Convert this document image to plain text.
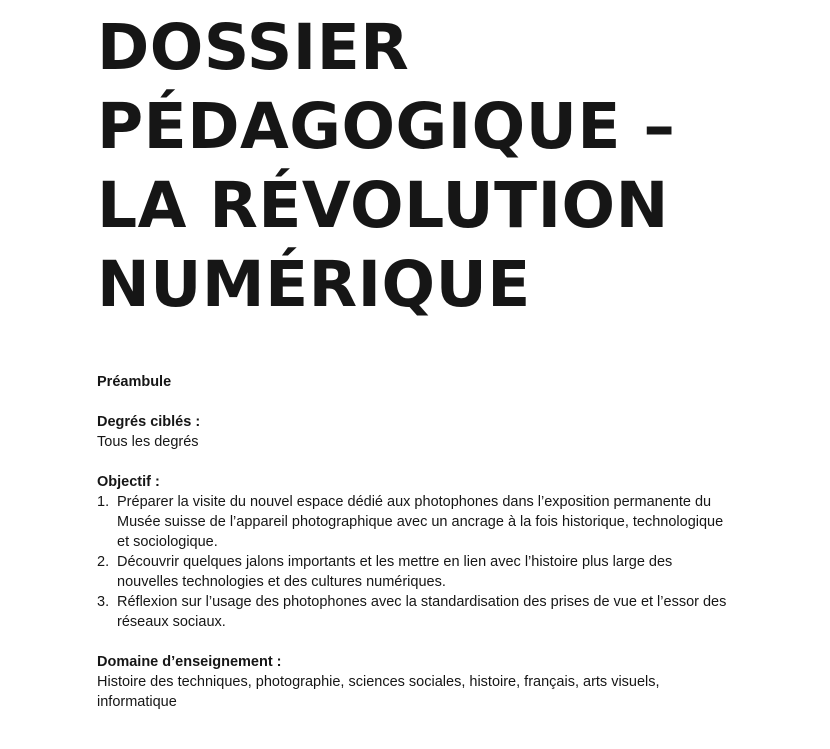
DOSSIER
PÉDAGOGIQUE –
LA RÉVOLUTION
NUMÉRIQUE

Préambule

Degrés ciblés :

Tous les degrés

Objectif :

1. Préparer la visite du nouvel espace dédié aux photophones dans l’exposition permanente du Musée suisse de l’appareil photographique avec un ancrage à la fois historique, technologique et sociologique.
2. Découvrir quelques jalons importants et les mettre en lien avec l’histoire plus large des nouvelles technologies et des cultures numériques.
3. Réflexion sur l’usage des photophones avec la standardisation des prises de vue et l’essor des réseaux sociaux.

Domaine d’enseignement :

Histoire des techniques, photographie, sciences sociales, histoire, français, arts visuels, informatique
